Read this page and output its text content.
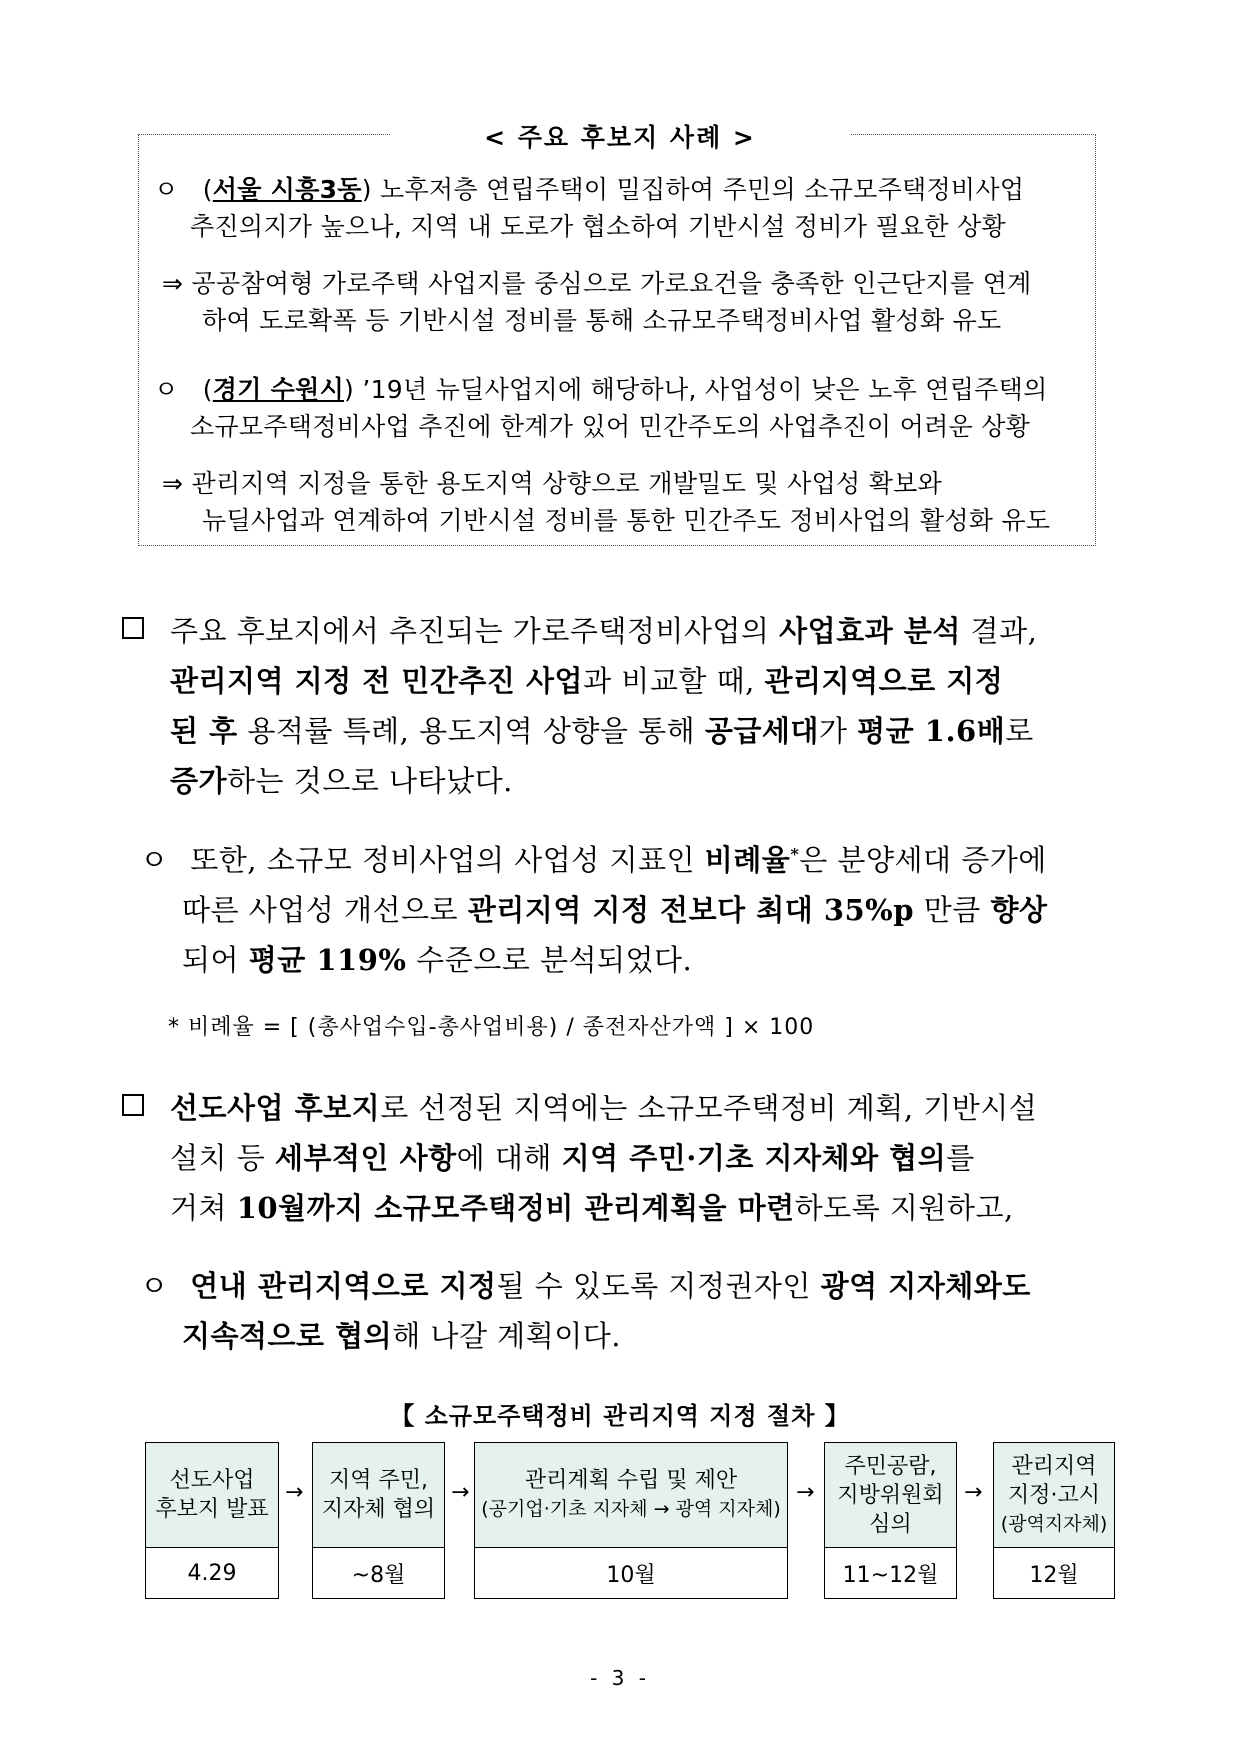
< 주요 후보지 사례 >
ㅇ (서울 시흥3동) 노후저층 연립주택이 밀집하여 주민의 소규모주택정비사업
추진의지가 높으나, 지역 내 도로가 협소하여 기반시설 정비가 필요한 상황
⇒ 공공참여형 가로주택 사업지를 중심으로 가로요건을 충족한 인근단지를 연계
하여 도로확폭 등 기반시설 정비를 통해 소규모주택정비사업 활성화 유도
ㅇ (경기 수원시) ’19년 뉴딜사업지에 해당하나, 사업성이 낮은 노후 연립주택의
소규모주택정비사업 추진에 한계가 있어 민간주도의 사업추진이 어려운 상황
⇒ 관리지역 지정을 통한 용도지역 상향으로 개발밀도 및 사업성 확보와
뉴딜사업과 연계하여 기반시설 정비를 통한 민간주도 정비사업의 활성화 유도
주요 후보지에서 추진되는 가로주택정비사업의 사업효과 분석 결과,
관리지역 지정 전 민간추진 사업과 비교할 때, 관리지역으로 지정
된 후 용적률 특례, 용도지역 상향을 통해 공급세대가 평균 1.6배로
증가하는 것으로 나타났다.
ㅇ 또한, 소규모 정비사업의 사업성 지표인 비례율*은 분양세대 증가에
따른 사업성 개선으로 관리지역 지정 전보다 최대 35%p 만큼 향상
되어 평균 119% 수준으로 분석되었다.
* 비례율 = [ (총사업수입-총사업비용) / 종전자산가액 ] × 100
선도사업 후보지로 선정된 지역에는 소규모주택정비 계획, 기반시설
설치 등 세부적인 사항에 대해 지역 주민·기초 지자체와 협의를
거쳐 10월까지 소규모주택정비 관리계획을 마련하도록 지원하고,
ㅇ 연내 관리지역으로 지정될 수 있도록 지정권자인 광역 지자체와도
지속적으로 협의해 나갈 계획이다.
【 소규모주택정비 관리지역 지정 절차 】
선도사업
후보지 발표
4.29
→ 지역 주민,
지자체 협의
~8월
→	관리계획 수립 및 제안
(공기업·기초 지자체 → 광역 지자체)
10월
→
주민공람,
지방위원회
심의
11~12월
→
관리지역
지정·고시
(광역지자체)
12월
- 3 -
